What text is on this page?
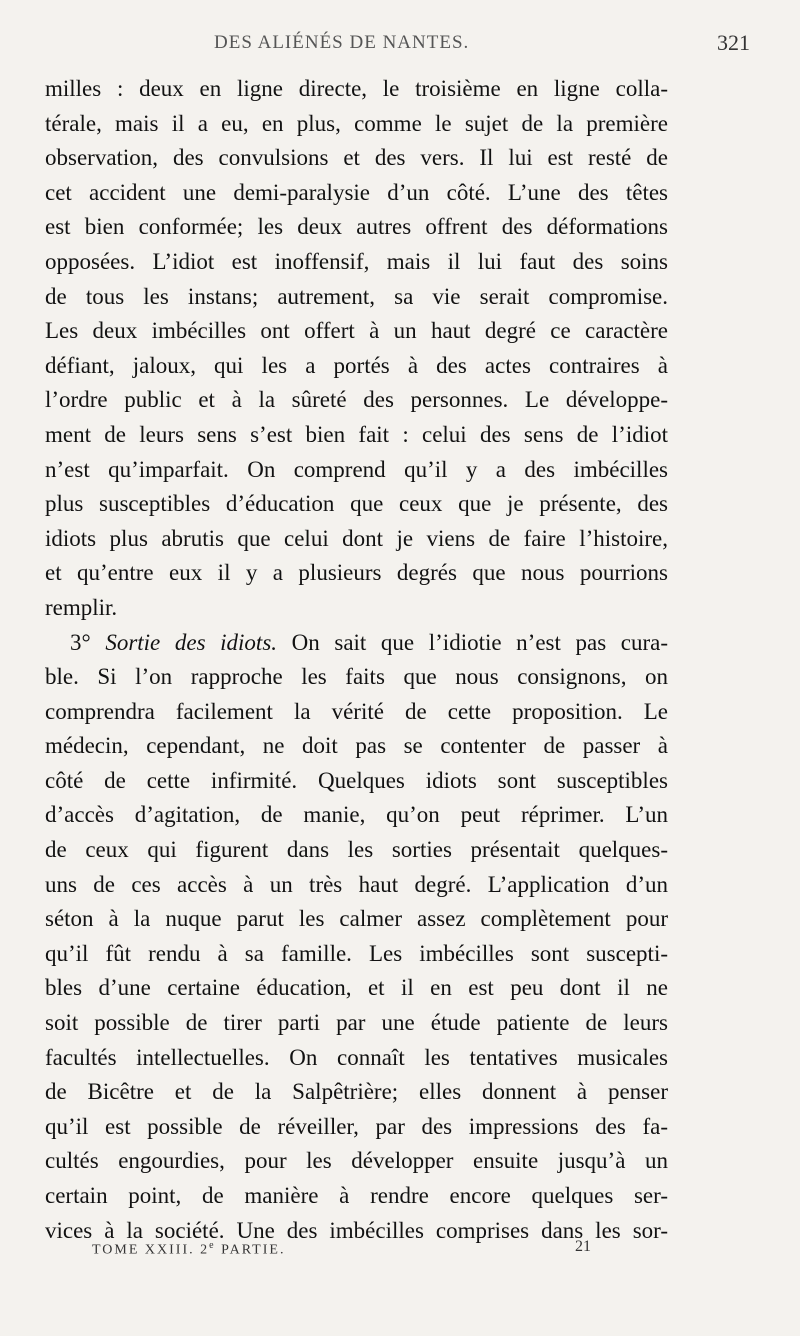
DES ALIÉNÉS DE NANTES.	321
milles : deux en ligne directe, le troisième en ligne colla-
térale, mais il a eu, en plus, comme le sujet de la première
observation, des convulsions et des vers. Il lui est resté de
cet accident une demi-paralysie d’un côté. L’une des têtes
est bien conformée; les deux autres offrent des déformations
opposées. L’idiot est inoffensif, mais il lui faut des soins
de tous les instans; autrement, sa vie serait compromise.
Les deux imbécilles ont offert à un haut degré ce caractère
défiant, jaloux, qui les a portés à des actes contraires à
l’ordre public et à la sûreté des personnes. Le développe-
ment de leurs sens s’est bien fait : celui des sens de l’idiot
n’est qu’imparfait. On comprend qu’il y a des imbécilles
plus susceptibles d’éducation que ceux que je présente, des
idiots plus abrutis que celui dont je viens de faire l’histoire,
et qu’entre eux il y a plusieurs degrés que nous pourrions
remplir.
3° Sortie des idiots. On sait que l’idiotie n’est pas cura-
ble. Si l’on rapproche les faits que nous consignons, on
comprendra facilement la vérité de cette proposition. Le
médecin, cependant, ne doit pas se contenter de passer à
côté de cette infirmité. Quelques idiots sont susceptibles
d’accès d’agitation, de manie, qu’on peut réprimer. L’un
de ceux qui figurent dans les sorties présentait quelques-
uns de ces accès à un très haut degré. L’application d’un
séton à la nuque parut les calmer assez complètement pour
qu’il fût rendu à sa famille. Les imbécilles sont suscepti-
bles d’une certaine éducation, et il en est peu dont il ne
soit possible de tirer parti par une étude patiente de leurs
facultés intellectuelles. On connaît les tentatives musicales
de Bicêtre et de la Salpêtrière; elles donnent à penser
qu’il est possible de réveiller, par des impressions des fa-
cultés engourdies, pour les développer ensuite jusqu’à un
certain point, de manière à rendre encore quelques ser-
vices à la société. Une des imbécilles comprises dans les sor-
TOME XXIII. 2e PARTIE.	21
